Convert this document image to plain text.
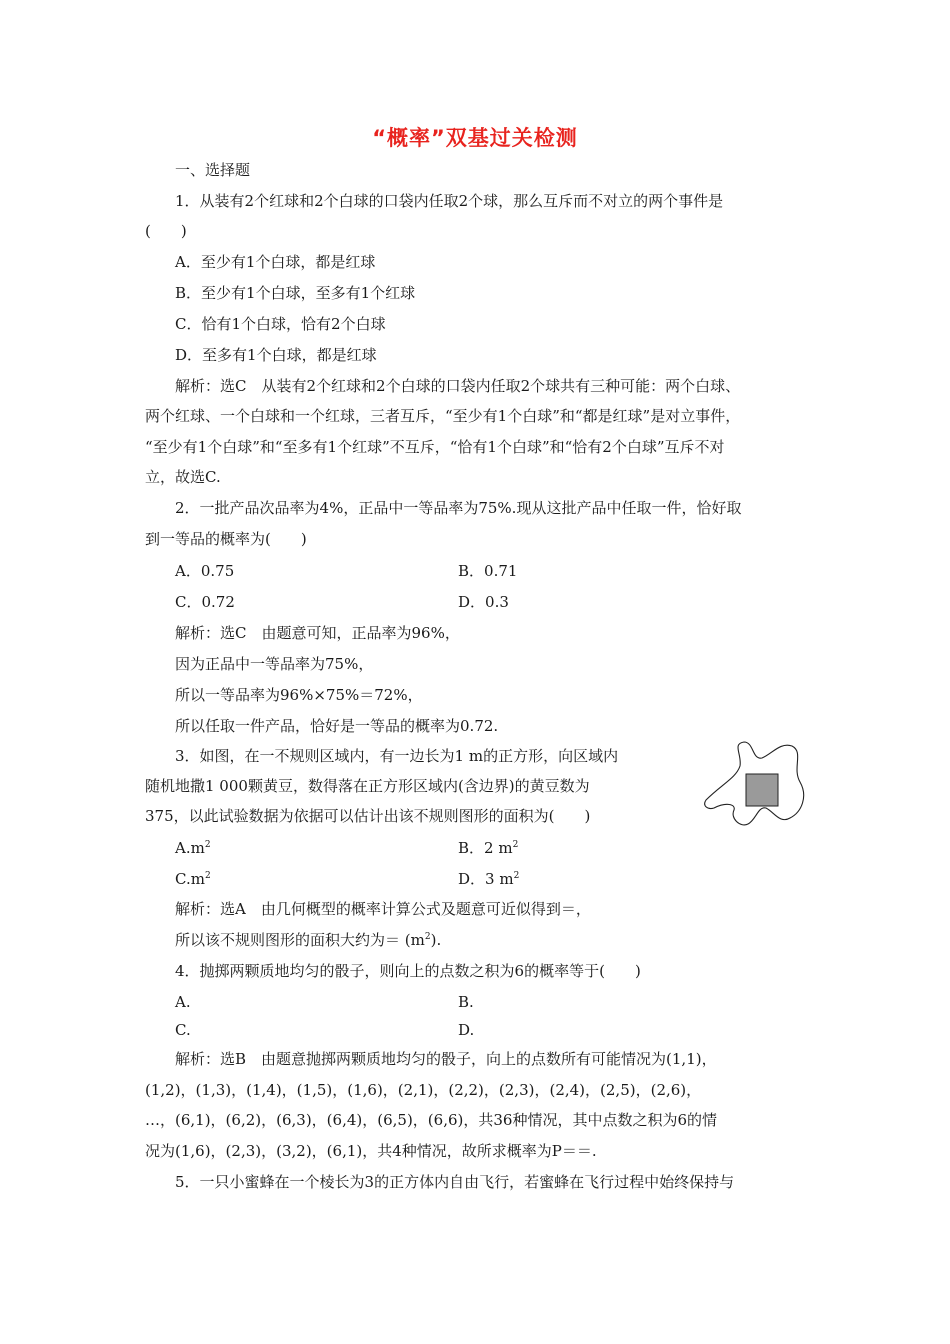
“概率”双基过关检测
一、选择题
1．从装有2个红球和2个白球的口袋内任取2个球，那么互斥而不对立的两个事件是
(　　)
A．至少有1个白球，都是红球
B．至少有1个白球，至多有1个红球
C．恰有1个白球，恰有2个白球
D．至多有1个白球，都是红球
解析：选C　从装有2个红球和2个白球的口袋内任取2个球共有三种可能：两个白球、
两个红球、一个白球和一个红球，三者互斥，“至少有1个白球”和“都是红球”是对立事件，
“至少有1个白球”和“至多有1个红球”不互斥，“恰有1个白球”和“恰有2个白球”互斥不对
立，故选C.
2．一批产品次品率为4%，正品中一等品率为75%.现从这批产品中任取一件，恰好取
到一等品的概率为(　　)
A．0.75	B．0.71
C．0.72	D．0.3
解析：选C　由题意可知，正品率为96%，
因为正品中一等品率为75%，
所以一等品率为96%×75%＝72%，
所以任取一件产品，恰好是一等品的概率为0.72.
3．如图，在一不规则区域内，有一边长为1 m的正方形，向区域内
随机地撒1 000颗黄豆，数得落在正方形区域内(含边界)的黄豆数为
375，以此试验数据为依据可以估计出该不规则图形的面积为(　　)
$A.m^2$	B．2 $m^2$
$C.m^2$	D．3 $m^2$
解析：选A　由几何概型的概率计算公式及题意可近似得到＝，
所以该不规则图形的面积大约为＝ $(m^2)$.
4．抛掷两颗质地均匀的骰子，则向上的点数之积为6的概率等于(　　)
A.	B.
C.	D.
解析：选B　由题意抛掷两颗质地均匀的骰子，向上的点数所有可能情况为(1,1)，
(1,2)，(1,3)，(1,4)，(1,5)，(1,6)，(2,1)，(2,2)，(2,3)，(2,4)，(2,5)，(2,6)，
…，(6,1)，(6,2)，(6,3)，(6,4)，(6,5)，(6,6)，共36种情况，其中点数之积为6的情
况为(1,6)，(2,3)，(3,2)，(6,1)，共4种情况，故所求概率为P＝＝.
5．一只小蜜蜂在一个棱长为3的正方体内自由飞行，若蜜蜂在飞行过程中始终保持与
